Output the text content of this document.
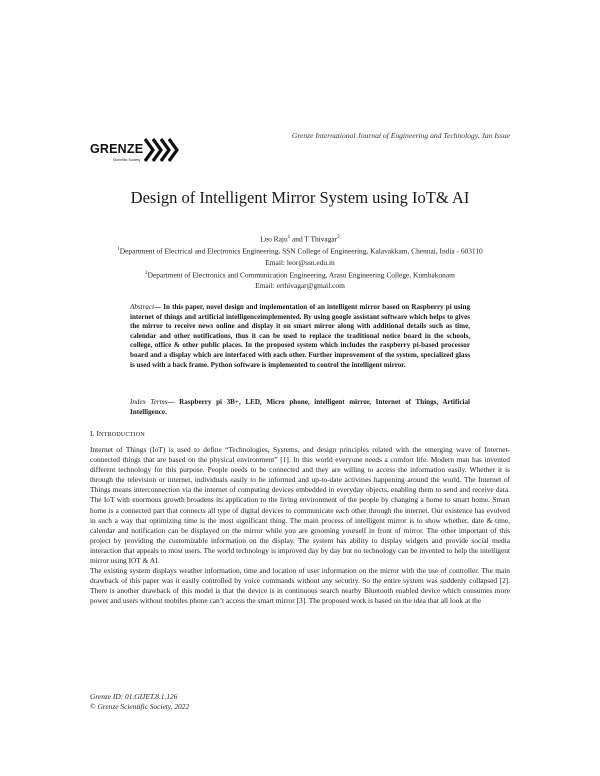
Grenze International Journal of Engineering and Technology, Jan Issue
GRENZE
Scientific Society
Design of Intelligent Mirror System using IoT& AI
Leo Raju$^1$ and T Thivagar$^2$
$^1$Department of Electrical and Electronics Engineering, SSN College of Engineering, Kalavakkam, Chennai, India - 603110
Email: leor@ssn.edu.in
$^2$Department of Electronics and Communication Engineering, Arasu Engineering College, Kumbakonam
Email: erthivagar@gmail.com
Abstract— In this paper, novel design and implementation of an intelligent mirror based on Raspberry pi using internet of things and artificial intelligenceimplemented. By using google assistant software which helps to gives the mirror to receive news online and display it on smart mirror along with additional details such as time, calendar and other notifications, thus it can be used to replace the traditional notice board in the schools, college, office & other public places. In the proposed system which includes the raspberry pi-based processor board and a display which are interfaced with each other. Further improvement of the system, specialized glass is used with a back frame. Python software is implemented to control the intelligent mirror.
Index Terms— Raspberry pi 3B+, LED, Micro phone, intelligent mirror, Internet of Things, Artificial Intelligence.
I. INTRODUCTION

Internet of Things (IoT) is used to define “Technologies, Systems, and design principles related with the emerging wave of Internet-connected things that are based on the physical environment” [1]. In this world everyone needs a comfort life. Modern man has invented different technology for this purpose. People needs to be connected and they are willing to access the information easily. Whether it is through the television or internet, individuals easily to be informed and up-to-date activities happening around the world. The Internet of Things means interconnection via the internet of computing devices embedded in everyday objects, enabling them to send and receive data. The IoT with enormous growth broadens its application to the living environment of the people by changing a home to smart home. Smart home is a connected part that connects all type of digital devices to communicate each other through the internet. Our existence has evolved in such a way that optimizing time is the most significant thing. The main process of intelligent mirror is to show whether, date & time, calendar and notification can be displayed on the mirror while you are grooming yourself in front of mirror. The other important of this project by providing the customizable information on the display. The system has ability to display widgets and provide social media interaction that appeals to most users. The world technology is improved day by day but no technology can be invented to help the intelligent mirror using IOT & AI.

The existing system displays weather information, time and location of user information on the mirror with the use of controller. The main drawback of this paper was it easily controlled by voice commands without any security. So the entire system was suddenly collapsed [2]. There is another drawback of this model is that the device is in continuous search nearby Bluetooth enabled device which consumes more power and users without mobiles phone can’t access the smart mirror [3]. The proposed work is based on the idea that all look at the

Grenze ID: 01.GIJET.8.1.126
© Grenze Scientific Society, 2022
